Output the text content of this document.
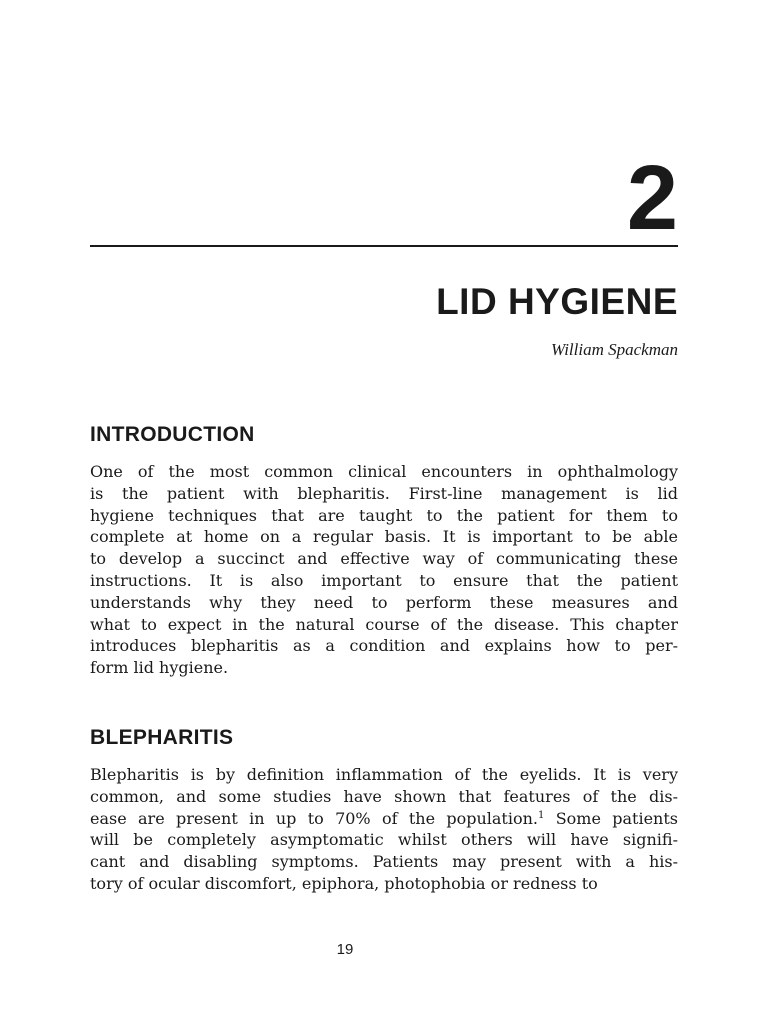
2
LID HYGIENE
William Spackman
INTRODUCTION

One of the most common clinical encounters in ophthalmology
is the patient with blepharitis. First-line management is lid
hygiene techniques that are taught to the patient for them to
complete at home on a regular basis. It is important to be able
to develop a succinct and effective way of communicating these
instructions. It is also important to ensure that the patient
understands why they need to perform these measures and
what to expect in the natural course of the disease. This chapter
introduces blepharitis as a condition and explains how to per-
form lid hygiene.

BLEPHARITIS

Blepharitis is by definition inflammation of the eyelids. It is very
common, and some studies have shown that features of the dis-
ease are present in up to 70% of the population.$^1$ Some patients
will be completely asymptomatic whilst others will have signifi-
cant and disabling symptoms. Patients may present with a his-
tory of ocular discomfort, epiphora, photophobia or redness to

19
